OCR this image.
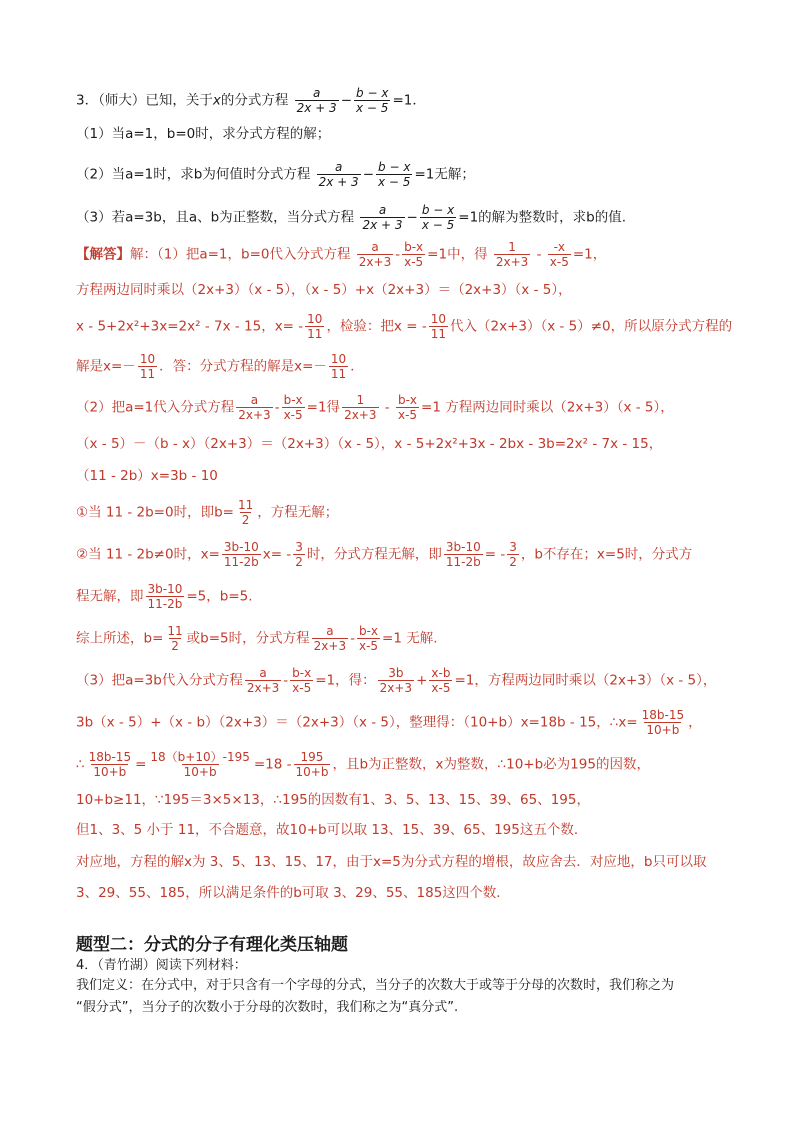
3．（师大）已知，关于x的分式方程 $\frac{a}{2x + 3} - \frac{b - x}{x - 5} =1$．
（1）当a=1，b=0时，求分式方程的解；
（2）当a=1时，求b为何值时分式方程 $\frac{a}{2x + 3} - \frac{b - x}{x - 5} =1$无解；
（3）若a=3b，且a、b为正整数，当分式方程 $\frac{a}{2x + 3} - \frac{b - x}{x - 5} =1$的解为整数时，求b的值.
【解答】解：（1）把a=1，b=0代入分式方程 $\frac{a}{2x+3} - \frac{b-x}{x-5} =1$中，得 $\frac{1}{2x+3} - \frac{-x}{x-5} =1$，
方程两边同时乘以（2x+3）（x - 5），（x - 5）+x（2x+3）＝（2x+3）（x - 5），
x - 5+2x²+3x=2x² - 7x - 15，$x= - \frac{10}{11}$ ，检验：把x = - $\frac{10}{11}$ 代入（2x+3）（x - 5）≠0，所以原分式方程的
解是$x=- \frac{10}{11}$ ．答：分式方程的解是$x=- \frac{10}{11}$ ．
（2）把a=1代入分式方程 $\frac{a}{2x+3} - \frac{b-x}{x-5} =1$得 $\frac{1}{2x+3} - \frac{b-x}{x-5} =1$ 方程两边同时乘以（2x+3）（x - 5），
（x - 5）－（b - x）（2x+3）＝（2x+3）（x - 5），x - 5+2x²+3x - 2bx - 3b=2x² - 7x - 15，
（11 - 2b）x=3b - 10
①当 11 - 2b=0时，即$b= \frac{11}{2}$ ，方程无解；
②当 11 - 2b≠0时，$x= \frac{3b-10}{11-2b} x= - \frac{3}{2}$ 时，分式方程无解，即 $\frac{3b-10}{11-2b}$ = - $\frac{3}{2}$ ，b不存在；x=5时，分式方
程无解，即 $\frac{3b-10}{11-2b} =5$，b=5.
综上所述，$b= \frac{11}{2}$ 或b=5时，分式方程 $\frac{a}{2x+3} - \frac{b-x}{x-5} =1$ 无解.
（3）把a=3b代入分式方程 $\frac{a}{2x+3} - \frac{b-x}{x-5} =1$，得： $\frac{3b}{2x+3} + \frac{x-b}{x-5} =1$，方程两边同时乘以（2x+3）（x - 5），
3b（x - 5）+（x - b）（2x+3）＝（2x+3）（x - 5），整理得：（10+b）x=18b - 15，∴x= $\frac{18b-15}{10+b}$ ，
∴ $\frac{18b-15}{10+b} = \frac{18(b+10)-195}{10+b} =18 - \frac{195}{10+b}$ ，且b为正整数，x为整数，∴10+b必为195的因数，
10+b≥11，∵195＝3×5×13，∴195的因数有1、3、5、13、15、39、65、195，
但1、3、5 小于 11，不合题意，故10+b可以取 13、15、39、65、195这五个数．
对应地，方程的解x为 3、5、13、15、17，由于x=5为分式方程的增根，故应舍去．对应地，b只可以取
3、29、55、185，所以满足条件的b可取 3、29、55、185这四个数．
题型二：分式的分子有理化类压轴题
4．（青竹湖）阅读下列材料：
我们定义：在分式中，对于只含有一个字母的分式，当分子的次数大于或等于分母的次数时，我们称之为
“假分式”，当分子的次数小于分母的次数时，我们称之为“真分式”.
